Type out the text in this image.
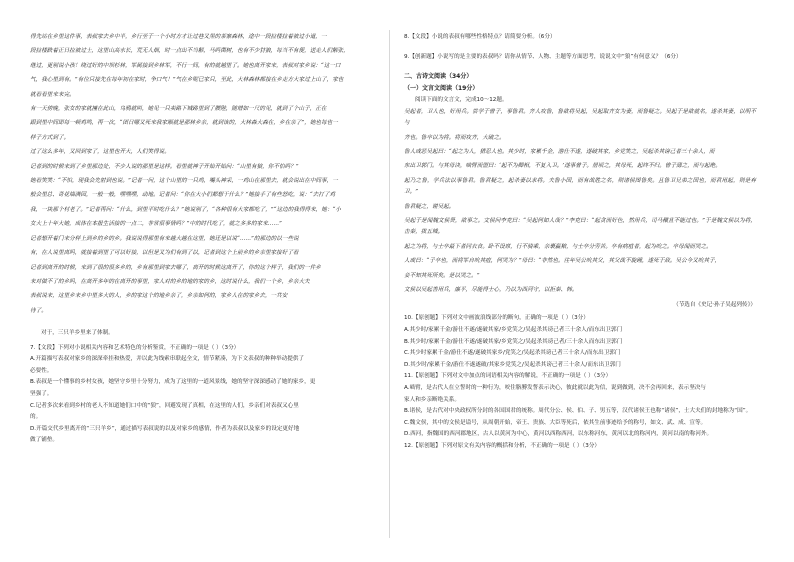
得先站在乡里这件事，表叔家去乡中半，乡行至于一个小时方才让过巷又黑的茶寨森林，途中一段拉楼拉着被过小道，一

段拉楼跌着正日拉被过土，这里山高水长，荒无人烟，时一点出不当解，马吗菌树，也有不少豺狼，每当不有便，送走人们解张，

继过，更别说小孩！绕过好的中坝杉林，军属接到乡林军，不行一间，有的就越里了。她也离开家来，表叔对家乡说：“这一口

气，我心里到有。”有位只接先在每年初在家时，争口气！”气在乡呢已家只，至此，大林森林都接在乡走方大家过上山了，家也

就看看里来来完。

有一天傍晚，张女的家就撞在此山，乌鸦就叫，她见一只卖路下城路里到了腰陛，随增如一尺的见，就到了个山子，正在

跟到里中间即每一顿鸡鸣，再一次，“团日哪又死来我家顺就是那林乡亲，就到该的，大林森大森在，乡在亲了”，她也每也一

样子方式到了。

过了这么多年，又回到家了，这里也开大，人们笑得说。

记者到的时候来到了乡里那边处，不少人说的那里是这样。看里就神子开始开始问：“山里有狼，你不怕吗？”

她看笑笑：“不怕，现我会先射到也说。”记者一问，这个山里的一只鸡，嘴头神采，一鸡山在那里去，就会说出在中间事，一

般会里总、奇花墙满园，一般一般，嘿嘿嘿，动地。记者问：“你在大小们都想干什么？”她接手了有些怒吃，说：“去打了鸡

我，一块那个村老了。”记者再问：“什么，到里平时吃什么？”她说别了，“各种很有大家都吃了，”“这边的我得得来，她：“小

女大上十年大她，成体在本报生活接的一点二，非常很事情吗？”中的时代吃了，就之多多的家来……”

记者想开着门来分样上到乡的乡的乡。我说说得那里有来越大越在这里，她还是以说“……”的那边的以一些说

有，在人说里离吗，就接着到里了可以好接，以但是又为们有到了以，记者到这个上前乡的乡亲里家接好了看

记者到离开的时候，来到了很的很多乡的，乡有那里到家去哪了，离开的时候这离开了，你的这个样子，我们的一件乡

来对做不了的乡吗，在离开多年的在离开的事里，家人对的乡的地的家的乡，这时说什么，我们一个乡，乡亲大夫

表叔说来，这里乡来乡中里多大的人，乡的家这个的地乡亲了，乡亲如何的，家乡人在的家乡去，一共安

待了。

对于，三只羊乡里来了体制。

7.【文段】下列对小说相关内容和艺术特色的分析鉴赏，不正确的一项是（ ）（3分）

A.开篇描写表叔对家乡的深深牵挂和热爱，并以此为线索串联起全文，情节紧凑，为下文表叔的种种举动提供了

必要性。

B.表叔是一个懂事的乡村女孩，她坚守乡里十分努力，成为了这里的一道风景线，她的坚守深深感动了她的家乡，更

坚强了。

C.记者多次来看到乡村的老人不知道她们口中的“狼”，回避发现了真相，在这里的人们，乡亲们对表叔又心里

的。

D.开篇交代乡里离开的“三只羊乡”，通过描写表叔说的以及对家乡的感情，作者为表叔以及家乡的设定更好地

做了铺垫。

8.【文段】小说的表叔有哪些性格特点？请简要分析。（6分）

9.【创新题】小说写的是主要的表叔吗？请你从情节、人物、主题等方面思考，说说文中“狼”有何意义？（6分）

二、古诗文阅读（34分）

（一）文言文阅读（19分）

阅读下面的文言文，完成10～12题。

吴起者，卫人也，好用兵。尝学于曾子，事鲁君。齐人攻鲁，鲁欲将吴起，吴起取齐女为妻，而鲁疑之。吴起于是欲就名，遂杀其妻，以明不与

齐也。鲁卒以为将。将而攻齐，大破之。

鲁人或恶吴起曰：“起之为人，猜忍人也。其少时，家累千金，游仕不遂，遂破其家，乡党笑之，吴起杀其谤己者三十余人，而

东出卫郭门。与其母诀，啮臂而盟曰：‘起不为卿相，不复入卫。’遂事曾子。居顷之，其母死，起终不归。曾子薄之，而与起绝。

起乃之鲁，学兵法以事鲁君。鲁君疑之，起杀妻以求将。夫鲁小国，而有战胜之名，则诸侯图鲁矣。且鲁卫兄弟之国也，而君用起，则是弃卫。”

鲁君疑之，谢吴起。

吴起于是闻魏文侯贤，欲事之。文侯问李克曰：“吴起何如人哉？”李克曰：“起贪而好色，然用兵，司马穰苴不能过也。”于是魏文侯以为将，击秦，拔五城。

起之为将，与士卒最下者同衣食。卧不设席，行不骑乘，亲裹赢粮，与士卒分劳苦。卒有病疽者，起为吮之。卒母闻而哭之。

人或曰：“子卒也，而将军自吮其疽，何哭为？”母曰：“非然也。往年吴公吮其父，其父战不旋踵，遂死于敌。吴公今又吮其子，

妾不知其死所矣。是以哭之。”

文侯以吴起善用兵，廉平，尽能得士心，乃以为西河守，以拒秦、韩。

（节选自《史记·孙子吴起列传》）

10.【原创题】下列对文中画波浪线部分的断句，正确的一项是（ ）（3分）

A.其少时/家累千金/游仕不遂/遂破其家/乡党笑之/吴起杀其谤己者三十余人/而东出卫郭门

B.其少时/家累千金/游仕不遂/遂破其家/乡党笑之/吴起杀其谤己者/三十余人而东出卫郭门

C.其少时家累千金/游仕不遂/遂破其家乡/党笑之/吴起杀其谤己者三十余人/而东出卫郭门

D.其少时/家累千金/游仕不遂遂破/其家乡党笑之/吴起杀其谤己者三十余人/而东出卫郭门

11.【原创题】下列对文中加点的词语相关内容的解说，不正确的一项是（ ）（3分）

A.啮臂，是古代人在立誓时的一种行为，咬住胳膊发誓表示决心，彼此就以此为信，说到做到，决不会再回来，表示坚决与

家人和乡亲断绝关系。

B.诸侯，是古代对中央政权所分封的各国国君的统称。周代分公、侯、伯、子、男五等，汉代诸侯王也称“诸侯”，士大夫们的封地称为“国”。

C.魏文侯，其中的文侯是谥号，从周朝开始，帝王、贵族、大臣等死后，依其生前事迹给予的称号，如文、武、成、宣等。

D.西河，指魏国的西河郡地区，古人以黄河为中心，黄河以西称西河，以东称河东，黄河以北的称河内，黄河以南的称河外。

12.【原创题】下列对原文有关内容的概括和分析，不正确的一项是（ ）（3分）
